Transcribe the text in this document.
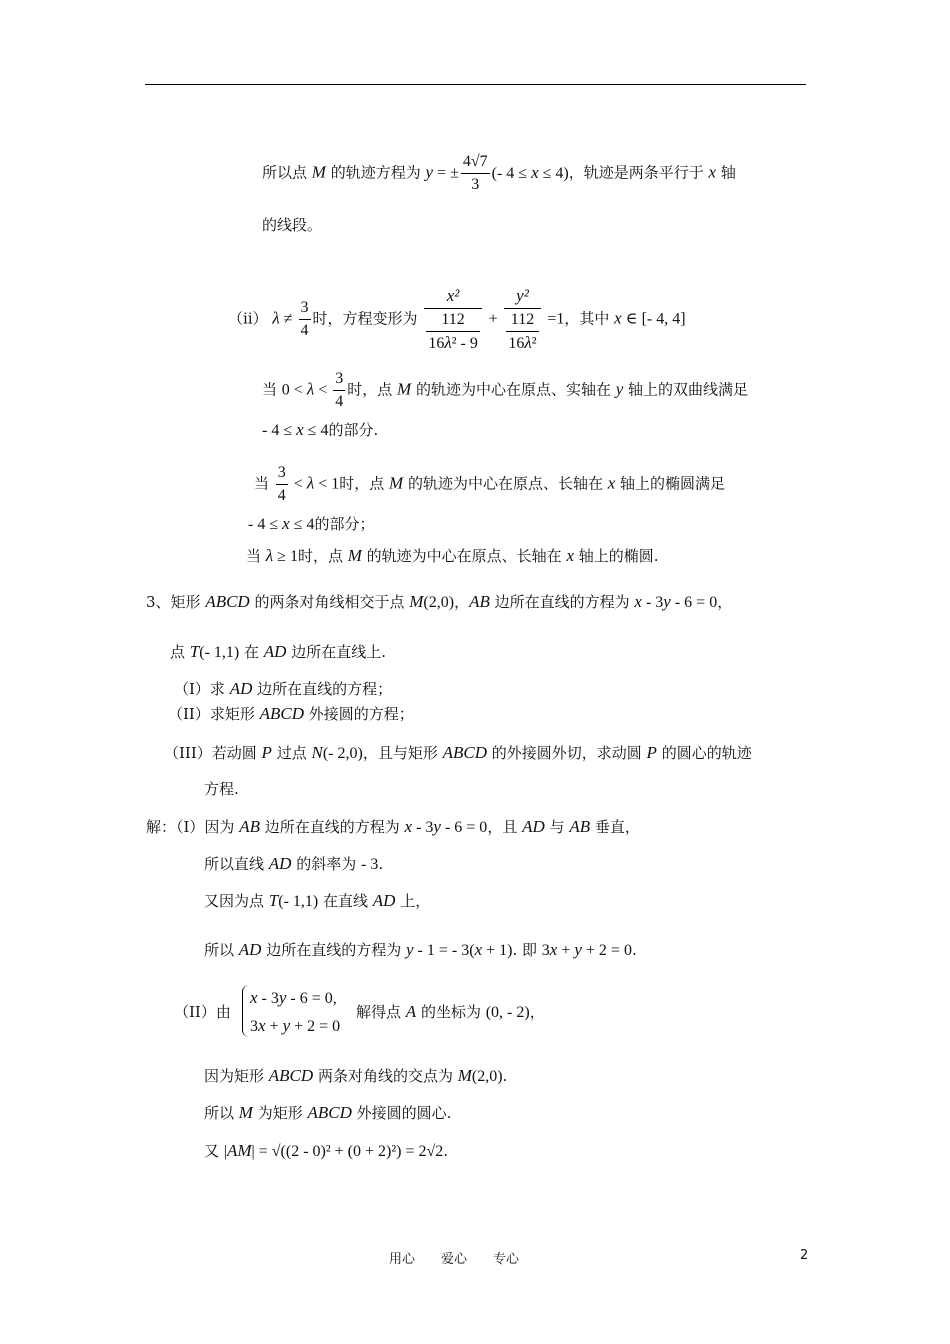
所以点 M 的轨迹方程为 y = ± $\frac{4√7}{3}$ (- 4 ≤ x ≤ 4)，轨迹是两条平行于 x 轴
的线段。
（ii） $\lambda \ne \frac{3}{4}$ 时，方程变形为 $\frac{\text{x²}}{\frac{112}{\text{16λ² - 9}}} + \frac{\text{y²}}{\frac{112}{\text{16λ²}}} =1$，其中 x ∈ [- 4, 4]
当 $0 < \lambda < \frac{3}{4}$ 时，点 M 的轨迹为中心在原点、实轴在 y 轴上的双曲线满足
- 4 ≤ x ≤ 4的部分.
当 $\frac{3}{4} < \lambda < 1$时，点 M 的轨迹为中心在原点、长轴在 x 轴上的椭圆满足
- 4 ≤ x ≤ 4的部分；
当 λ ≥ 1时，点 M 的轨迹为中心在原点、长轴在 x 轴上的椭圆.
3、矩形 ABCD 的两条对角线相交于点 M(2,0)，AB 边所在直线的方程为 x - 3y - 6 = 0，
点 T(- 1,1) 在 AD 边所在直线上.
（I）求 AD 边所在直线的方程；
（II）求矩形 ABCD 外接圆的方程；
（III）若动圆 P 过点 N(- 2,0)，且与矩形 ABCD 的外接圆外切，求动圆 P 的圆心的轨迹
方程.
解：（I）因为 AB 边所在直线的方程为 x - 3y - 6 = 0，且 AD 与 AB 垂直，
所以直线 AD 的斜率为 - 3.
又因为点 T(- 1,1) 在直线 AD 上，
所以 AD 边所在直线的方程为 y - 1 = - 3(x + 1). 即 3x + y + 2 = 0.
（II）由
x - 3y - 6 = 0,
3x + y + 2 = 0
解得点 A 的坐标为 (0, - 2)，
因为矩形 ABCD 两条对角线的交点为 M(2,0).
所以 M 为矩形 ABCD 外接圆的圆心.
又 |AM| = √((2 - 0)² + (0 + 2)²) = 2√2.
用心　　爱心　　专心	2
